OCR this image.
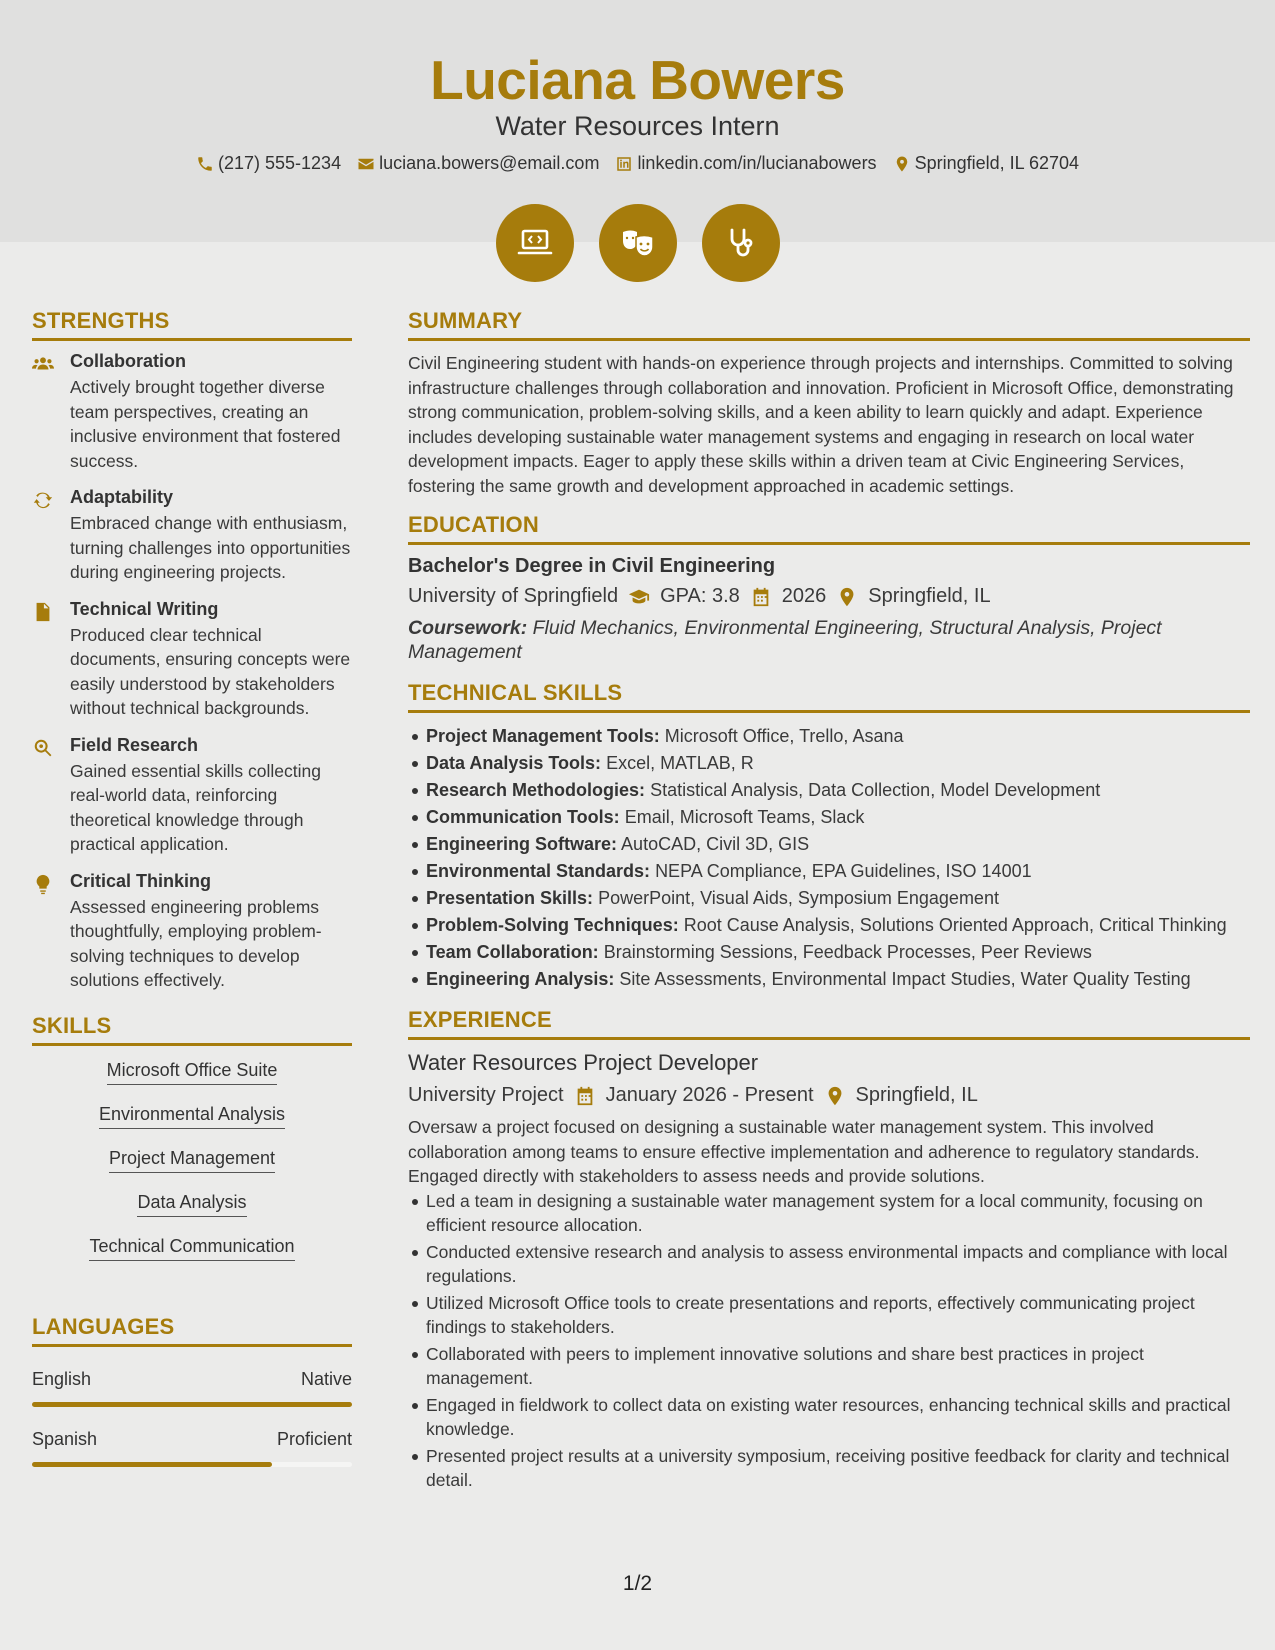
Luciana Bowers
Water Resources Intern
(217) 555-1234 luciana.bowers@email.com linkedin.com/in/lucianabowers Springfield, IL 62704
STRENGTHS
Collaboration
Actively brought together diverse team perspectives, creating an inclusive environment that fostered success.
Adaptability
Embraced change with enthusiasm, turning challenges into opportunities during engineering projects.
Technical Writing
Produced clear technical documents, ensuring concepts were easily understood by stakeholders without technical backgrounds.
Field Research
Gained essential skills collecting real-world data, reinforcing theoretical knowledge through practical application.
Critical Thinking
Assessed engineering problems thoughtfully, employing problem-solving techniques to develop solutions effectively.
SKILLS
Microsoft Office Suite
Environmental Analysis
Project Management
Data Analysis
Technical Communication
LANGUAGES
English	Native
Spanish	Proficient
SUMMARY
Civil Engineering student with hands-on experience through projects and internships. Committed to solving infrastructure challenges through collaboration and innovation. Proficient in Microsoft Office, demonstrating strong communication, problem-solving skills, and a keen ability to learn quickly and adapt. Experience includes developing sustainable water management systems and engaging in research on local water development impacts. Eager to apply these skills within a driven team at Civic Engineering Services, fostering the same growth and development approached in academic settings.
EDUCATION
Bachelor's Degree in Civil Engineering
University of Springfield GPA: 3.8 2026 Springfield, IL
Coursework: Fluid Mechanics, Environmental Engineering, Structural Analysis, Project Management
TECHNICAL SKILLS
Project Management Tools: Microsoft Office, Trello, Asana
Data Analysis Tools: Excel, MATLAB, R
Research Methodologies: Statistical Analysis, Data Collection, Model Development
Communication Tools: Email, Microsoft Teams, Slack
Engineering Software: AutoCAD, Civil 3D, GIS
Environmental Standards: NEPA Compliance, EPA Guidelines, ISO 14001
Presentation Skills: PowerPoint, Visual Aids, Symposium Engagement
Problem-Solving Techniques: Root Cause Analysis, Solutions Oriented Approach, Critical Thinking
Team Collaboration: Brainstorming Sessions, Feedback Processes, Peer Reviews
Engineering Analysis: Site Assessments, Environmental Impact Studies, Water Quality Testing
EXPERIENCE
Water Resources Project Developer
University Project January 2026 - Present Springfield, IL
Oversaw a project focused on designing a sustainable water management system. This involved collaboration among teams to ensure effective implementation and adherence to regulatory standards. Engaged directly with stakeholders to assess needs and provide solutions.
Led a team in designing a sustainable water management system for a local community, focusing on efficient resource allocation.
Conducted extensive research and analysis to assess environmental impacts and compliance with local regulations.
Utilized Microsoft Office tools to create presentations and reports, effectively communicating project findings to stakeholders.
Collaborated with peers to implement innovative solutions and share best practices in project management.
Engaged in fieldwork to collect data on existing water resources, enhancing technical skills and practical knowledge.
Presented project results at a university symposium, receiving positive feedback for clarity and technical detail.
1/2
